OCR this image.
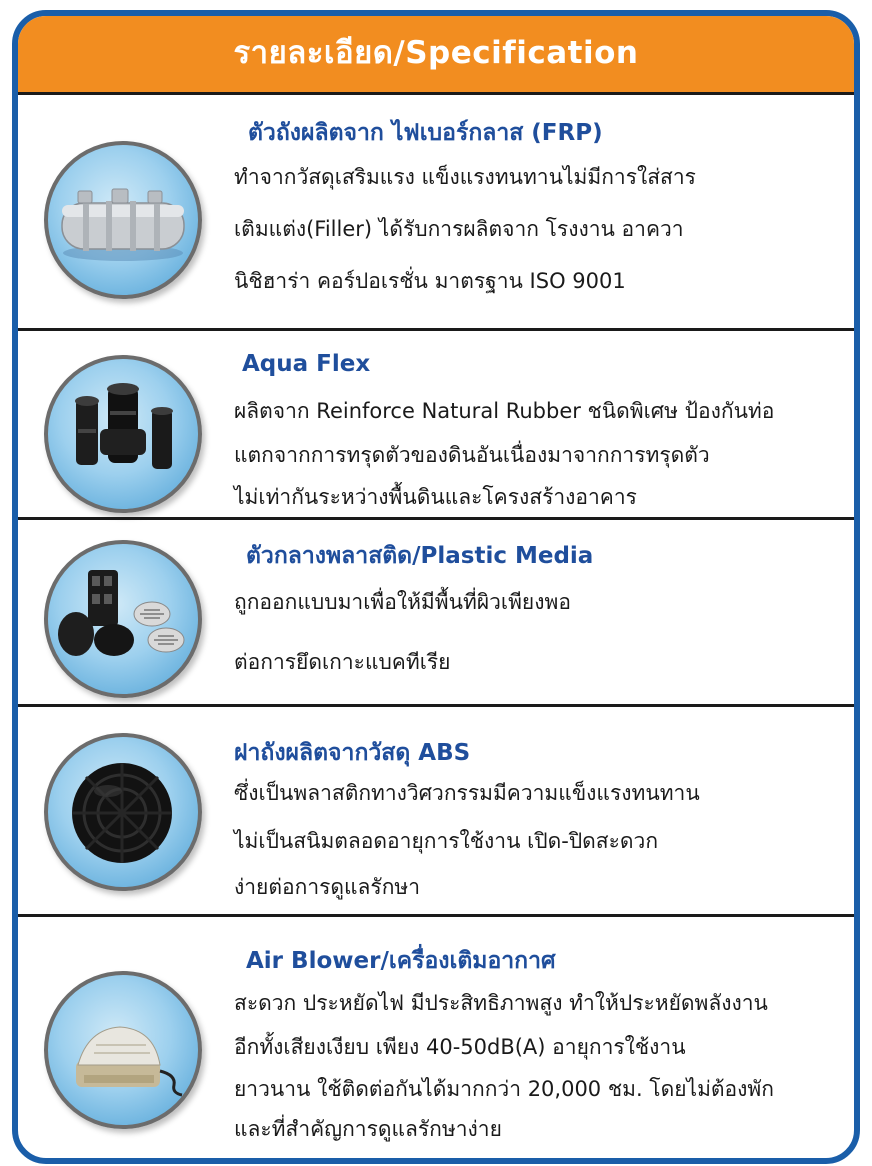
รายละเอียด/Specification
ตัวถังผลิตจาก ไฟเบอร์กลาส (FRP)
ทำจากวัสดุเสริมแรง แข็งแรงทนทานไม่มีการใส่สาร
เติมแต่ง(Filler) ได้รับการผลิตจาก โรงงาน อาควา
นิชิฮาร่า คอร์ปอเรชั่น มาตรฐาน ISO 9001
Aqua Flex
ผลิตจาก Reinforce Natural Rubber ชนิดพิเศษ ป้องกันท่อ
แตกจากการทรุดตัวของดินอันเนื่องมาจากการทรุดตัว
ไม่เท่ากันระหว่างพื้นดินและโครงสร้างอาคาร
ตัวกลางพลาสติด/Plastic Media
ถูกออกแบบมาเพื่อให้มีพื้นที่ผิวเพียงพอ
ต่อการยึดเกาะแบคทีเรีย
ฝาถังผลิตจากวัสดุ ABS
ซึ่งเป็นพลาสติกทางวิศวกรรมมีความแข็งแรงทนทาน
ไม่เป็นสนิมตลอดอายุการใช้งาน เปิด-ปิดสะดวก
ง่ายต่อการดูแลรักษา
Air Blower/เครื่องเติมอากาศ
สะดวก ประหยัดไฟ มีประสิทธิภาพสูง ทำให้ประหยัดพลังงาน
อีกทั้งเสียงเงียบ เพียง 40-50dB(A) อายุการใช้งาน
ยาวนาน ใช้ติดต่อกันได้มากกว่า 20,000 ชม. โดยไม่ต้องพัก
และที่สำคัญการดูแลรักษาง่าย
